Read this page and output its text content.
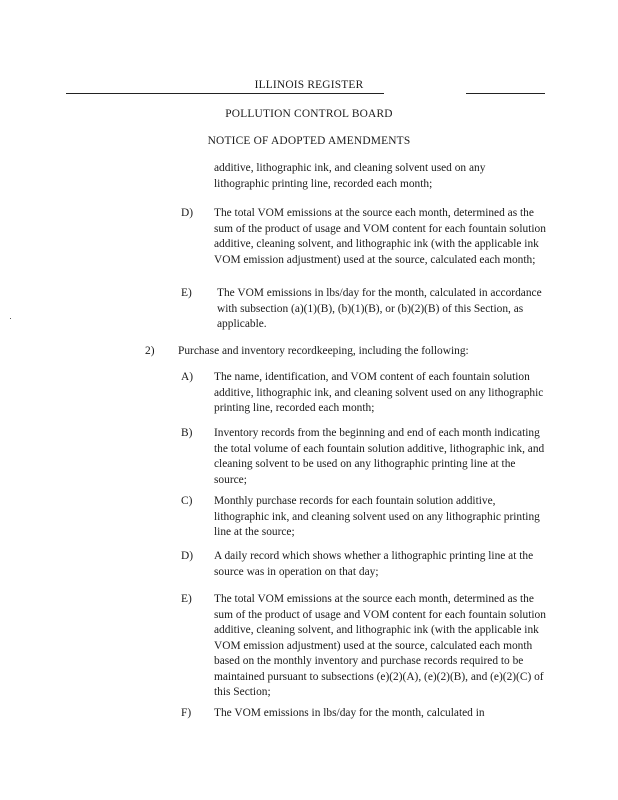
ILLINOIS REGISTER
POLLUTION CONTROL BOARD
NOTICE OF ADOPTED AMENDMENTS

additive, lithographic ink, and cleaning solvent used on any lithographic printing line, recorded each month;

D) The total VOM emissions at the source each month, determined as the sum of the product of usage and VOM content for each fountain solution additive, cleaning solvent, and lithographic ink (with the applicable ink VOM emission adjustment) used at the source, calculated each month;

E) The VOM emissions in lbs/day for the month, calculated in accordance with subsection (a)(1)(B), (b)(1)(B), or (b)(2)(B) of this Section, as applicable.

2) Purchase and inventory recordkeeping, including the following:

A) The name, identification, and VOM content of each fountain solution additive, lithographic ink, and cleaning solvent used on any lithographic printing line, recorded each month;

B) Inventory records from the beginning and end of each month indicating the total volume of each fountain solution additive, lithographic ink, and cleaning solvent to be used on any lithographic printing line at the source;

C) Monthly purchase records for each fountain solution additive, lithographic ink, and cleaning solvent used on any lithographic printing line at the source;

D) A daily record which shows whether a lithographic printing line at the source was in operation on that day;

E) The total VOM emissions at the source each month, determined as the sum of the product of usage and VOM content for each fountain solution additive, cleaning solvent, and lithographic ink (with the applicable ink VOM emission adjustment) used at the source, calculated each month based on the monthly inventory and purchase records required to be maintained pursuant to subsections (e)(2)(A), (e)(2)(B), and (e)(2)(C) of this Section;

F) The VOM emissions in lbs/day for the month, calculated in
